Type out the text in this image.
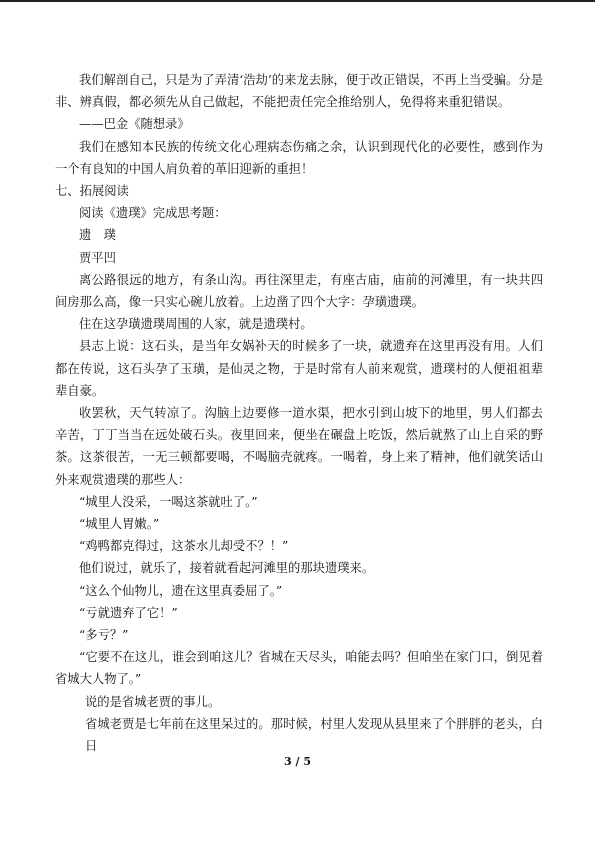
我们解剖自己，只是为了弄清‘浩劫’的来龙去脉，便于改正错误，不再上当受骗。分是非、辨真假，都必须先从自己做起，不能把责任完全推给别人，免得将来重犯错误。

——巴金《随想录》

我们在感知本民族的传统文化心理病态伤痛之余，认识到现代化的必要性，感到作为一个有良知的中国人肩负着的革旧迎新的重担！

七、拓展阅读

阅读《遗璞》完成思考题：

遗　璞

贾平凹

离公路很远的地方，有条山沟。再往深里走，有座古庙，庙前的河滩里，有一块共四间房那么高，像一只实心碗儿放着。上边凿了四个大字：孕璜遗璞。

住在这孕璜遗璞周围的人家，就是遗璞村。

县志上说：这石头，是当年女娲补天的时候多了一块，就遗弃在这里再没有用。人们都在传说，这石头孕了玉璜，是仙灵之物，于是时常有人前来观赏，遗璞村的人便祖祖辈辈自豪。

收罢秋，天气转凉了。沟脑上边要修一道水渠，把水引到山坡下的地里，男人们都去辛苦，丁丁当当在远处破石头。夜里回来，便坐在碾盘上吃饭，然后就熬了山上自采的野茶。这茶很苦，一无三顿都要喝，不喝脑壳就疼。一喝着，身上来了精神，他们就笑话山外来观赏遗璞的那些人：

“城里人没采，一喝这茶就吐了。”

“城里人胃嫩。”

“鸡鸭都克得过，这茶水儿却受不？！”

他们说过，就乐了，接着就看起河滩里的那块遗璞来。

“这么个仙物儿，遗在这里真委屈了。”

“亏就遗弃了它！”

“多亏？”

“它要不在这儿，谁会到咱这儿？省城在天尽头，咱能去吗？但咱坐在家门口，倒见着省城大人物了。”

说的是省城老贾的事儿。

省城老贾是七年前在这里呆过的。那时候，村里人发现从县里来了个胖胖的老头，白日

3 / 5
